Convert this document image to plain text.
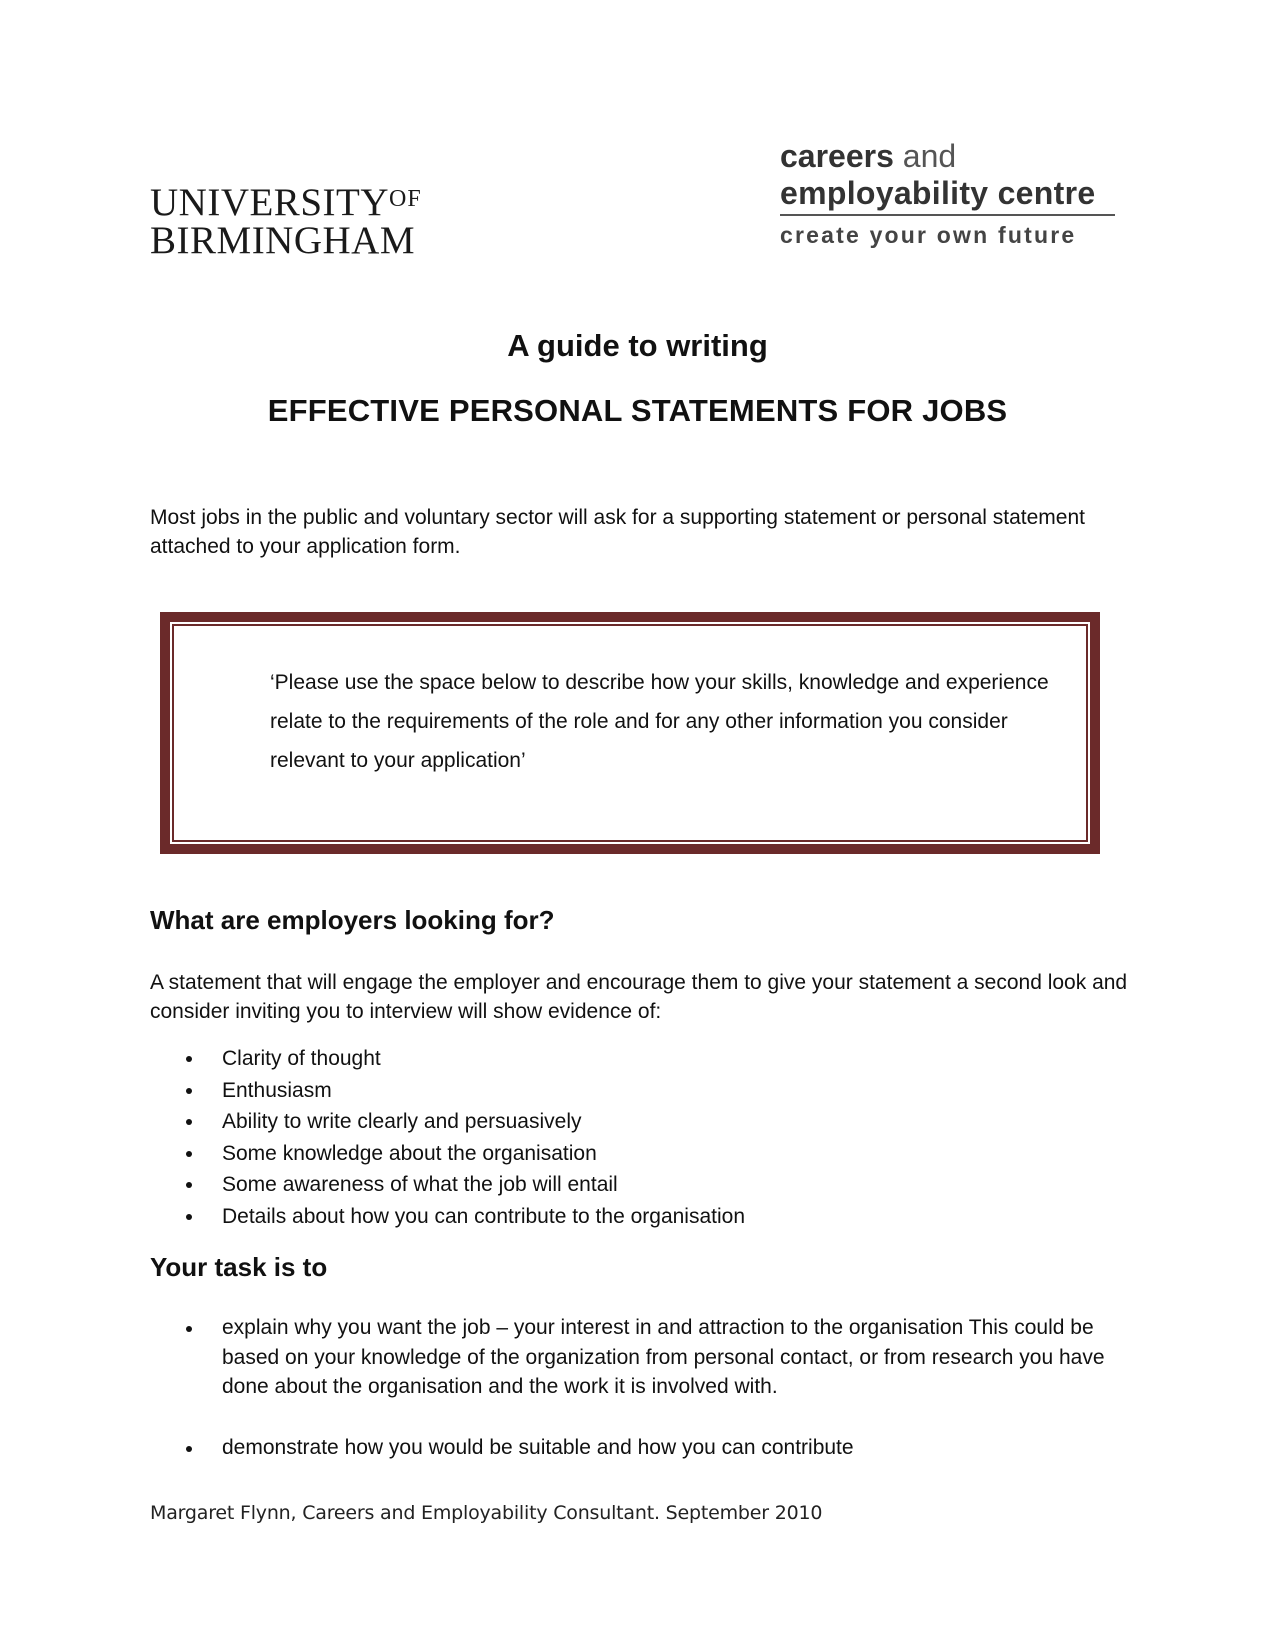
$UNIVERSITY^{OF}$
BIRMINGHAM
careers and
employability centre
create your own future
A guide to writing
EFFECTIVE PERSONAL STATEMENTS FOR JOBS
Most jobs in the public and voluntary sector will ask for a supporting statement or personal statement attached to your application form.
‘Please use the space below to describe how your skills, knowledge and experience relate to the requirements of the role and for any other information you consider relevant to your application’
What are employers looking for?
A statement that will engage the employer and encourage them to give your statement a second look and consider inviting you to interview will show evidence of:
Clarity of thought
Enthusiasm
Ability to write clearly and persuasively
Some knowledge about the organisation
Some awareness of what the job will entail
Details about how you can contribute to the organisation
Your task is to
explain why you want the job – your interest in and attraction to the organisation This could be based on your knowledge of the organization from personal contact, or from research you have done about the organisation and the work it is involved with.
demonstrate how you would be suitable and how you can contribute
Margaret Flynn, Careers and Employability Consultant. September 2010
